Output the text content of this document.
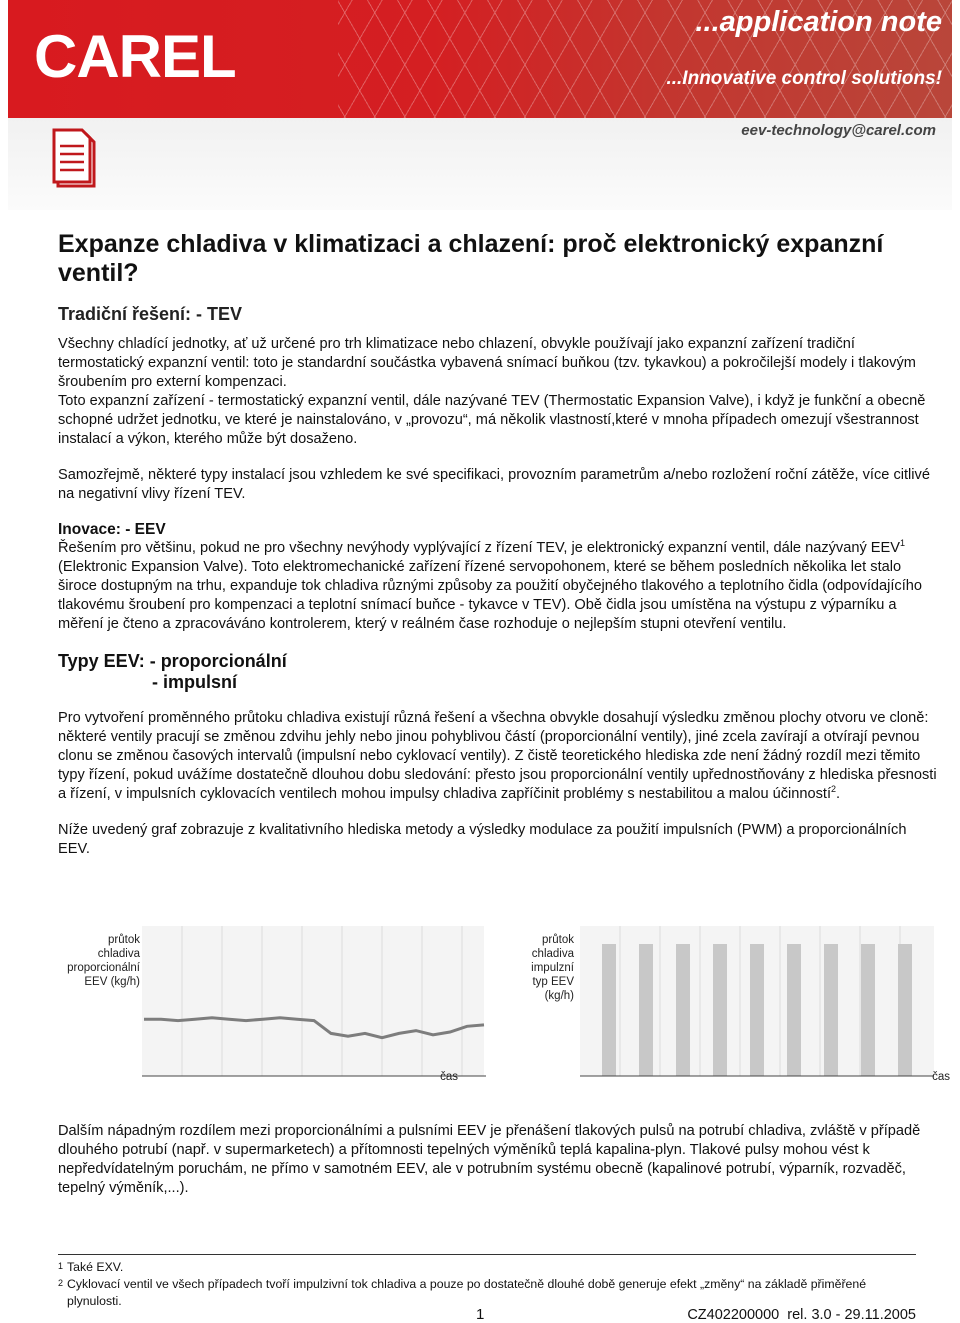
CAREL
...application note
...Innovative control solutions!
eev-technology@carel.com
Expanze chladiva v klimatizaci a chlazení: proč elektronický expanzní ventil?
Tradiční řešení: - TEV

Všechny chladící jednotky, ať už určené pro trh klimatizace nebo chlazení, obvykle používají jako expanzní zařízení tradiční termostatický expanzní ventil: toto je standardní součástka vybavená snímací buňkou (tzv. tykavkou) a pokročilejší modely i tlakovým šroubením pro externí kompenzaci.

Toto expanzní zařízení - termostatický expanzní ventil, dále nazývané TEV (Thermostatic Expansion Valve), i když je funkční a obecně schopné udržet jednotku, ve které je nainstalováno, v „provozu“, má několik vlastností,které v mnoha případech omezují všestrannost instalací a výkon, kterého může být dosaženo.

Samozřejmě, některé typy instalací jsou vzhledem ke své specifikaci, provozním parametrům a/nebo rozložení roční zátěže, více citlivé na negativní vlivy řízení TEV.

Inovace: - EEV

Řešením pro většinu, pokud ne pro všechny nevýhody vyplývající z řízení TEV, je elektronický expanzní ventil, dále nazývaný EEV$^1$ (Elektronic Expansion Valve). Toto elektromechanické zařízení řízené servopohonem, které se během posledních několika let stalo široce dostupným na trhu, expanduje tok chladiva různými způsoby za použití obyčejného tlakového a teplotního čidla (odpovídajícího tlakovému šroubení pro kompenzaci a teplotní snímací buňce - tykavce v TEV). Obě čidla jsou umístěna na výstupu z výparníku a měření je čteno a zpracováváno kontrolerem, který v reálném čase rozhoduje o nejlepším stupni otevření ventilu.

Typy EEV: - proporcionální
- impulsní

Pro vytvoření proměnného průtoku chladiva existují různá řešení a všechna obvykle dosahují výsledku změnou plochy otvoru ve cloně: některé ventily pracují se změnou zdvihu jehly nebo jinou pohyblivou částí (proporcionální ventily), jiné zcela zavírají a otvírají pevnou clonu se změnou časových intervalů (impulsní nebo cyklovací ventily). Z čistě teoretického hlediska zde není žádný rozdíl mezi těmito typy řízení, pokud uvážíme dostatečně dlouhou dobu sledování: přesto jsou proporcionální ventily upřednostňovány z hlediska přesnosti a řízení, v impulsních cyklovacích ventilech mohou impulsy chladiva zapříčinit problémy s nestabilitou a malou účinností$^2$.

Níže uvedený graf zobrazuje z kvalitativního hlediska metody a výsledky modulace za použití impulsních (PWM) a proporcionálních EEV.

průtok
chladiva
proporcionální
EEV (kg/h)
čas
průtok
chladiva
impulzní
typ EEV
(kg/h)
čas

Dalším nápadným rozdílem mezi proporcionálními a pulsními EEV je přenášení tlakových pulsů na potrubí chladiva, zvláště v případě dlouhého potrubí (např. v supermarketech) a přítomnosti tepelných výměníků teplá kapalina-plyn. Tlakové pulsy mohou vést k nepředvídatelným poruchám, ne přímo v samotném EEV, ale v potrubním systému obecně (kapalinové potrubí, výparník, rozvaděč, tepelný výměník,...).

1 Také EXV.
2 Cyklovací ventil ve všech případech tvoří impulzivní tok chladiva a pouze po dostatečně dlouhé době generuje efekt „změny“ na základě přiměřené plynulosti.
1	CZ402200000  rel. 3.0 - 29.11.2005
